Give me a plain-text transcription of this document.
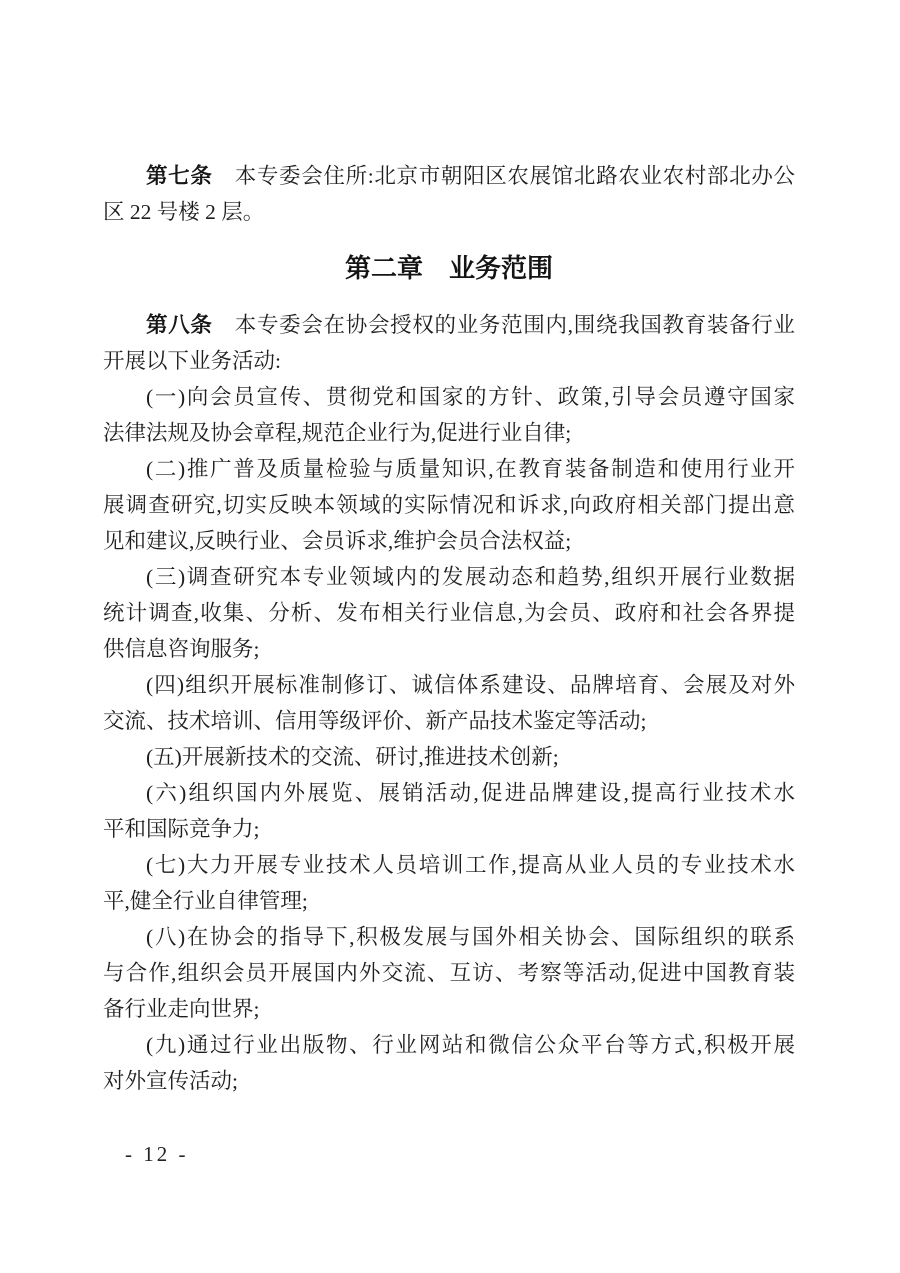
第七条　本专委会住所:北京市朝阳区农展馆北路农业农村部北办公
区 22 号楼 2 层。
第二章　业务范围
第八条　本专委会在协会授权的业务范围内,围绕我国教育装备行业
开展以下业务活动:
(一)向会员宣传、贯彻党和国家的方针、政策,引导会员遵守国家
法律法规及协会章程,规范企业行为,促进行业自律;
(二)推广普及质量检验与质量知识,在教育装备制造和使用行业开
展调查研究,切实反映本领域的实际情况和诉求,向政府相关部门提出意
见和建议,反映行业、会员诉求,维护会员合法权益;
(三)调查研究本专业领域内的发展动态和趋势,组织开展行业数据
统计调查,收集、分析、发布相关行业信息,为会员、政府和社会各界提
供信息咨询服务;
(四)组织开展标准制修订、诚信体系建设、品牌培育、会展及对外
交流、技术培训、信用等级评价、新产品技术鉴定等活动;
(五)开展新技术的交流、研讨,推进技术创新;
(六)组织国内外展览、展销活动,促进品牌建设,提高行业技术水
平和国际竞争力;
(七)大力开展专业技术人员培训工作,提高从业人员的专业技术水
平,健全行业自律管理;
(八)在协会的指导下,积极发展与国外相关协会、国际组织的联系
与合作,组织会员开展国内外交流、互访、考察等活动,促进中国教育装
备行业走向世界;
(九)通过行业出版物、行业网站和微信公众平台等方式,积极开展
对外宣传活动;
- 12 -
